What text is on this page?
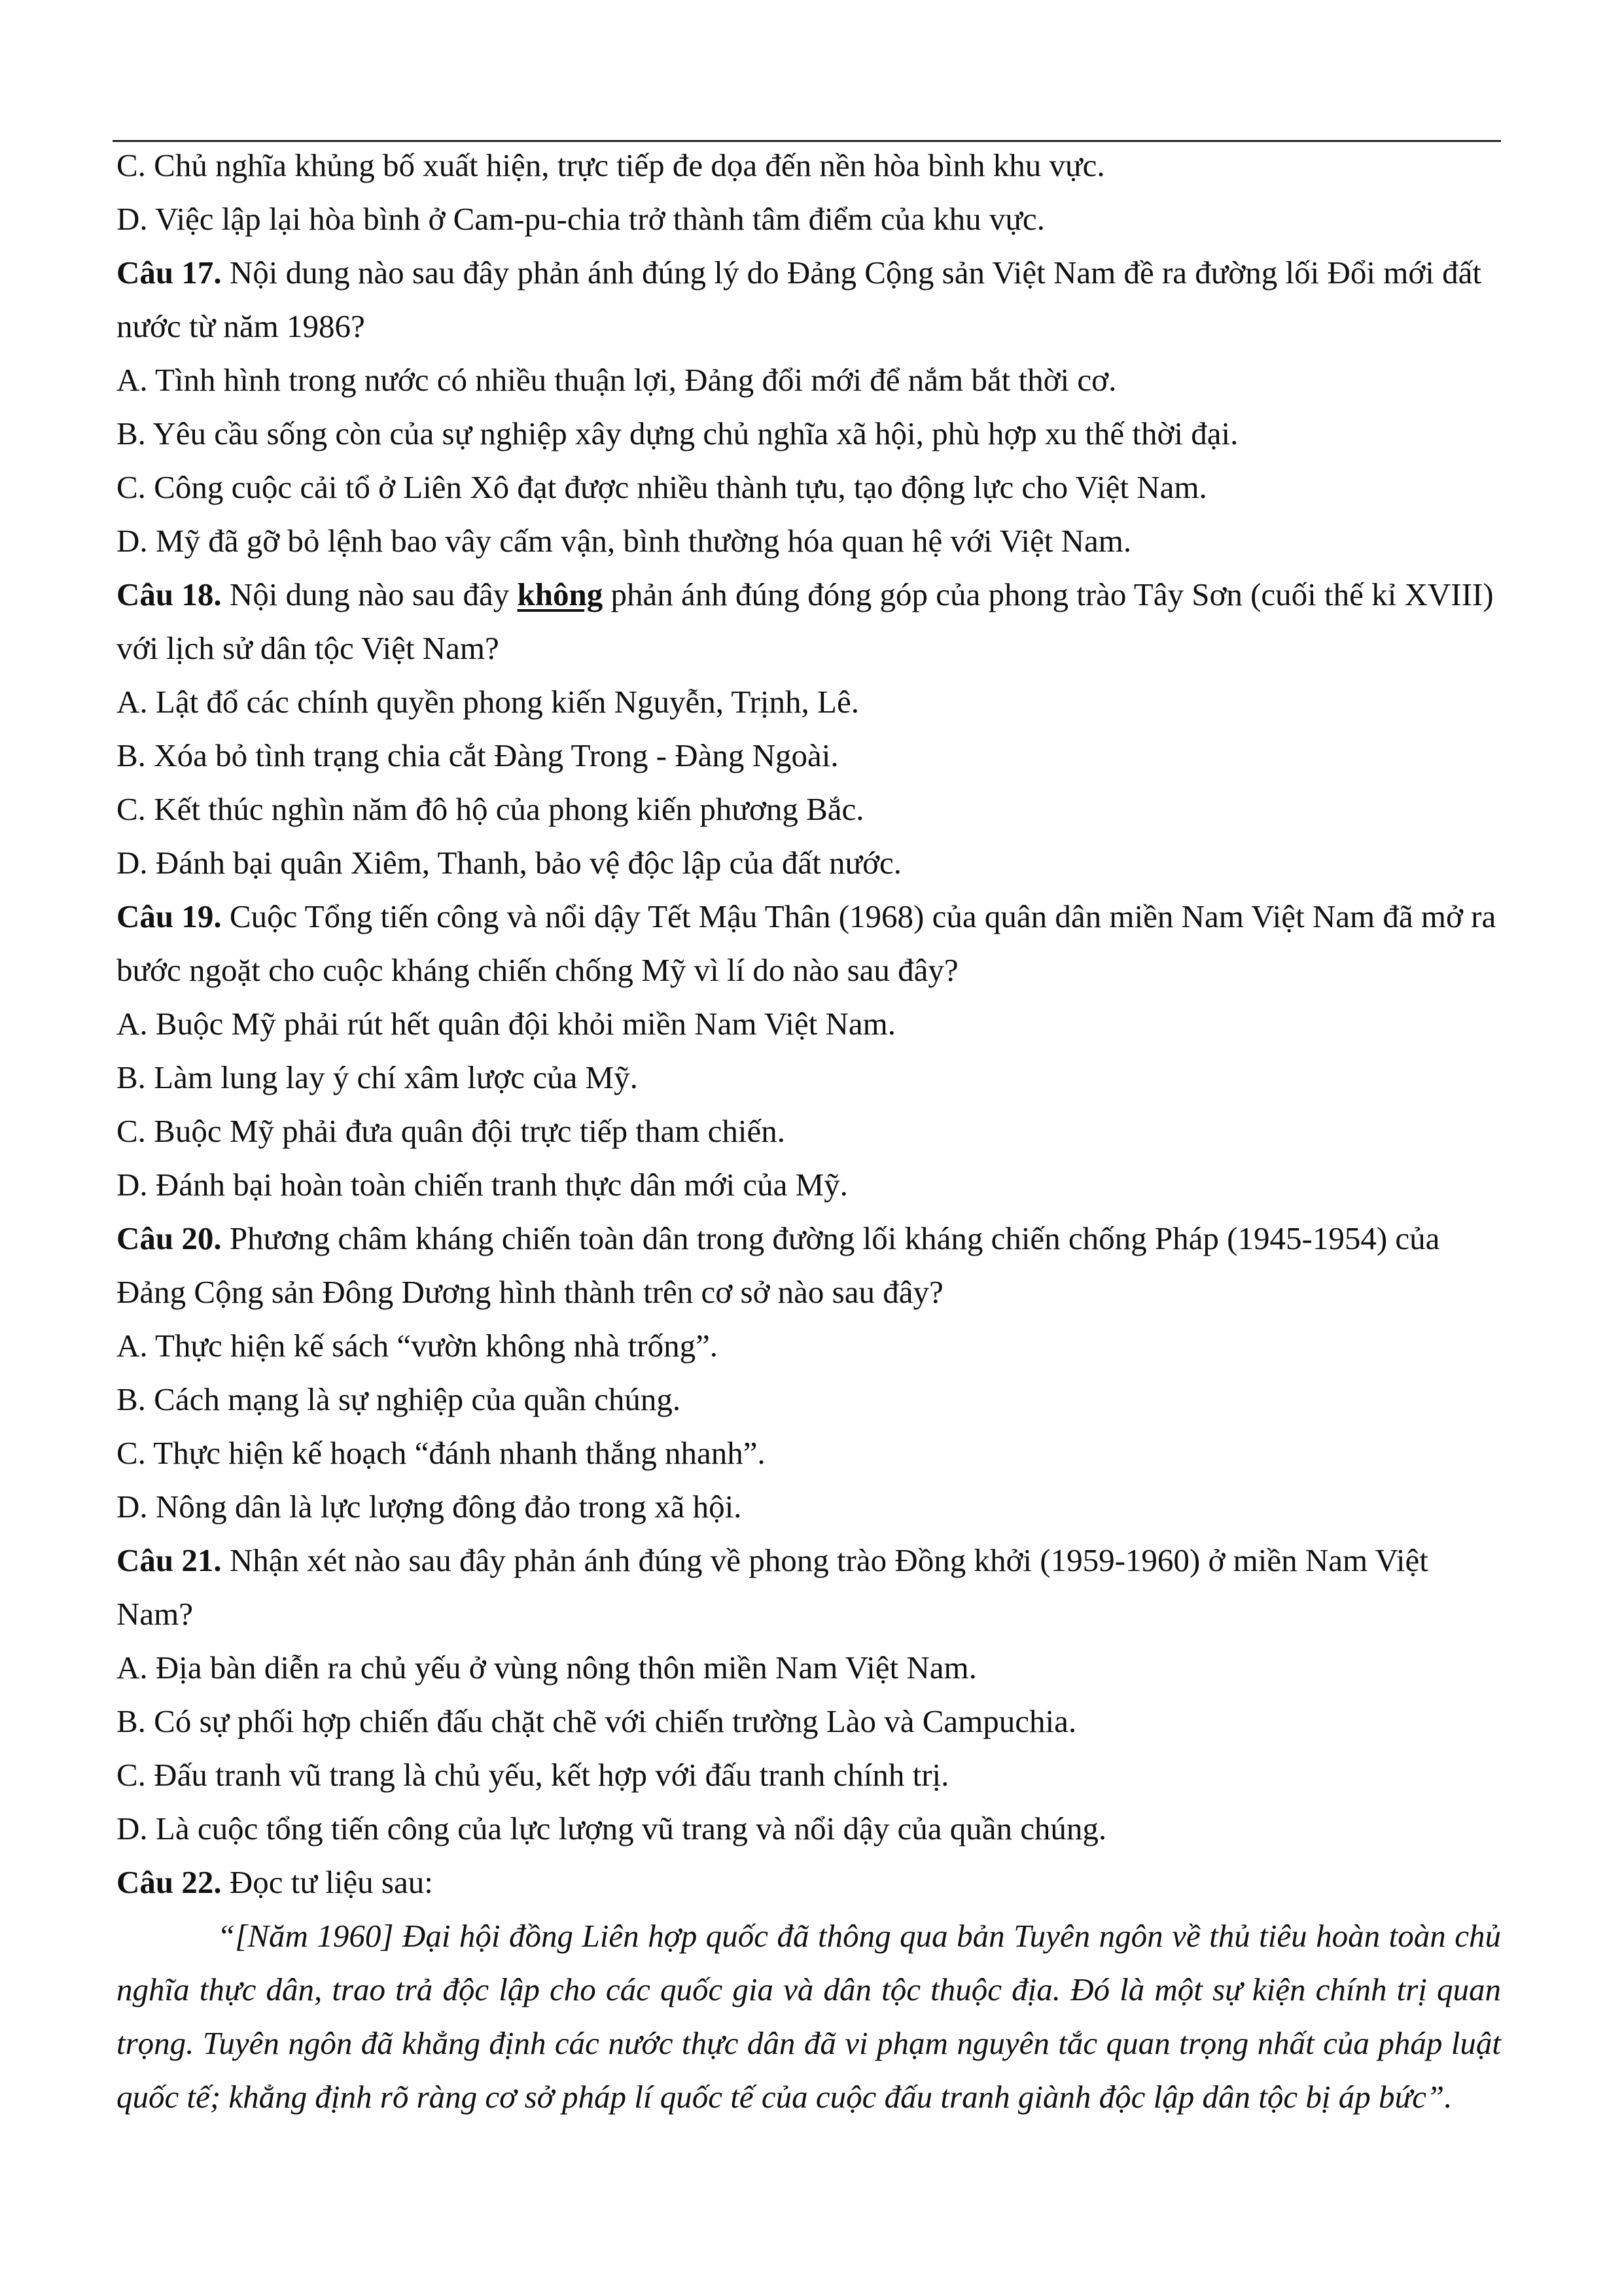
C. Chủ nghĩa khủng bố xuất hiện, trực tiếp đe dọa đến nền hòa bình khu vực.

D. Việc lập lại hòa bình ở Cam-pu-chia trở thành tâm điểm của khu vực.

Câu 17. Nội dung nào sau đây phản ánh đúng lý do Đảng Cộng sản Việt Nam đề ra đường lối Đổi mới đất nước từ năm 1986?

A. Tình hình trong nước có nhiều thuận lợi, Đảng đổi mới để nắm bắt thời cơ.

B. Yêu cầu sống còn của sự nghiệp xây dựng chủ nghĩa xã hội, phù hợp xu thế thời đại.

C. Công cuộc cải tổ ở Liên Xô đạt được nhiều thành tựu, tạo động lực cho Việt Nam.

D. Mỹ đã gỡ bỏ lệnh bao vây cấm vận, bình thường hóa quan hệ với Việt Nam.

Câu 18. Nội dung nào sau đây không phản ánh đúng đóng góp của phong trào Tây Sơn (cuối thế kỉ XVIII) với lịch sử dân tộc Việt Nam?

A. Lật đổ các chính quyền phong kiến Nguyễn, Trịnh, Lê.

B. Xóa bỏ tình trạng chia cắt Đàng Trong - Đàng Ngoài.

C. Kết thúc nghìn năm đô hộ của phong kiến phương Bắc.

D. Đánh bại quân Xiêm, Thanh, bảo vệ độc lập của đất nước.

Câu 19. Cuộc Tổng tiến công và nổi dậy Tết Mậu Thân (1968) của quân dân miền Nam Việt Nam đã mở ra bước ngoặt cho cuộc kháng chiến chống Mỹ vì lí do nào sau đây?

A. Buộc Mỹ phải rút hết quân đội khỏi miền Nam Việt Nam.

B. Làm lung lay ý chí xâm lược của Mỹ.

C. Buộc Mỹ phải đưa quân đội trực tiếp tham chiến.

D. Đánh bại hoàn toàn chiến tranh thực dân mới của Mỹ.

Câu 20. Phương châm kháng chiến toàn dân trong đường lối kháng chiến chống Pháp (1945-1954) của Đảng Cộng sản Đông Dương hình thành trên cơ sở nào sau đây?

A. Thực hiện kế sách “vườn không nhà trống”.

B. Cách mạng là sự nghiệp của quần chúng.

C. Thực hiện kế hoạch “đánh nhanh thắng nhanh”.

D. Nông dân là lực lượng đông đảo trong xã hội.

Câu 21. Nhận xét nào sau đây phản ánh đúng về phong trào Đồng khởi (1959-1960) ở miền Nam Việt Nam?

A. Địa bàn diễn ra chủ yếu ở vùng nông thôn miền Nam Việt Nam.

B. Có sự phối hợp chiến đấu chặt chẽ với chiến trường Lào và Campuchia.

C. Đấu tranh vũ trang là chủ yếu, kết hợp với đấu tranh chính trị.

D. Là cuộc tổng tiến công của lực lượng vũ trang và nổi dậy của quần chúng.

Câu 22. Đọc tư liệu sau:

“[Năm 1960] Đại hội đồng Liên hợp quốc đã thông qua bản Tuyên ngôn về thủ tiêu hoàn toàn chủ nghĩa thực dân, trao trả độc lập cho các quốc gia và dân tộc thuộc địa. Đó là một sự kiện chính trị quan trọng. Tuyên ngôn đã khẳng định các nước thực dân đã vi phạm nguyên tắc quan trọng nhất của pháp luật quốc tế; khẳng định rõ ràng cơ sở pháp lí quốc tế của cuộc đấu tranh giành độc lập dân tộc bị áp bức”.
